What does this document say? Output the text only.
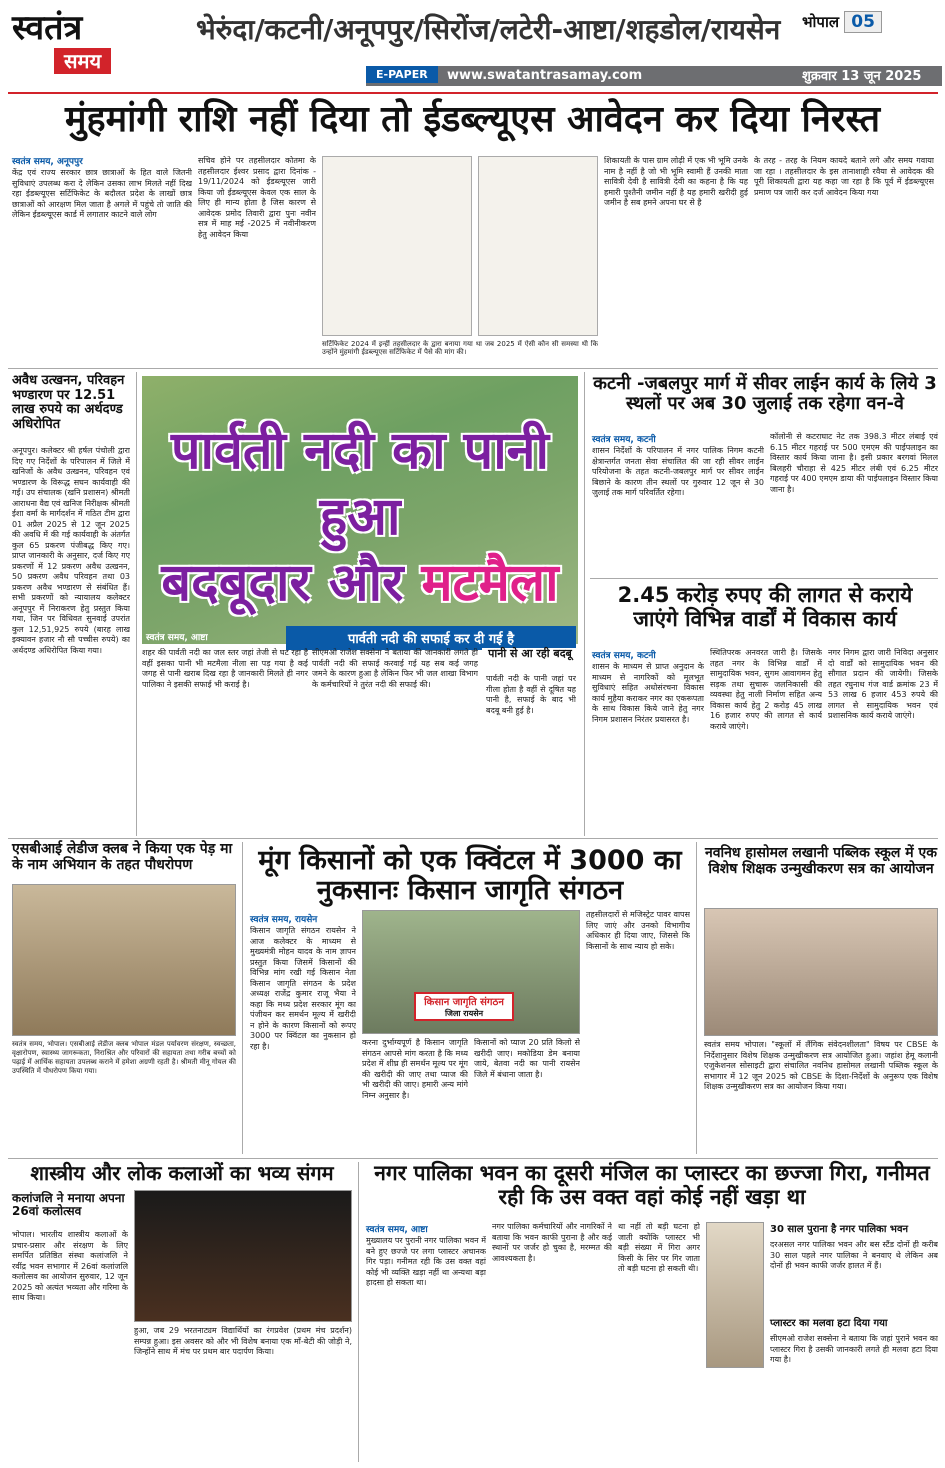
स्वतंत्र
समय
भेरुंदा/कटनी/अनूपपुर/सिरोंज/लटेरी-आष्टा/शहडोल/रायसेन भोपाल 05
E-PAPER	www.swatantrasamay.com	शुक्रवार 13 जून 2025
मुंहमांगी राशि नहीं दिया तो ईडब्ल्यूएस आवेदन कर दिया निरस्त
स्वतंत्र समय, अनूपपुर
केंद्र एवं राज्य सरकार छात्र छात्राओं के हित वाले जितनी सुविधाएं उपलब्ध करा दे लेकिन उसका लाभ मिलते नहीं दिख रहा ईडब्ल्यूएस सर्टिफिकेट के बदौलत प्रदेश के लाखों छात्र छात्राओं को आरक्षण मिल जाता है अगले में पहुंचे तो जाति की लेकिन ईडब्ल्यूएस कार्ड में लगातार काटने वाले लोग
सचिव होने पर तहसीलदार कोतमा के तहसीलदार ईश्वर प्रसाद द्वारा दिनांक - 19/11/2024 को ईडब्ल्यूएस जारी किया जो ईडब्ल्यूएस केवल एक साल के लिए ही मान्य होता है जिस कारण से आवेदक प्रमोद तिवारी द्वारा पुनः नवीन सत्र में माह मई -2025 में नवीनीकरण हेतु आवेदन किया
सर्टिफिकेट 2024 में इन्हीं तहसीलदार के द्वारा बनाया गया था जब 2025 में ऐसी कौन सी समस्या थी कि उन्होंने मुंहमांगी ईडब्ल्यूएस सर्टिफिकेट में पैसे की मांग की।
शिकायती के पास ग्राम लोढ़ी में एक भी भूमि उनके नाम है नहीं है जो भी भूमि स्वामी हैं उनकी माता सावित्री देवी है सावित्री देवी का कहना है कि यह हमारी पुश्तैनी जमीन नहीं है यह हमारी खरीदी हुई जमीन है सब हमने अपना घर से है
के तरह - तरह के नियम कायदे बताने लगे और समय गवाया जा रहा । तहसीलदार के इस तानाशाही रवैया से आवेदक की पूरी शिकायती द्वारा यह कहा जा रहा है कि पूर्व में ईडब्ल्यूएस प्रमाण पत्र जारी कर दर्ज आवेदन किया गया
अवैध उत्खनन, परिवहन भण्डारण पर 12.51 लाख रुपये का अर्थदण्ड अधिरोपित
अनूपपुर। कलेक्टर श्री हर्षल पंचोली द्वारा दिए गए निर्देशों के परिपालन में जिले में खनिजों के अवैध उत्खनन, परिवहन एवं भण्डारण के विरूद्ध सघन कार्यवाही की गई। उप संचालक (खनि प्रशासन) श्रीमती आराधना वैद्य एवं खनिज निरीक्षक श्रीमती ईशा वर्मा के मार्गदर्शन में गठित टीम द्वारा 01 अप्रैल 2025 से 12 जून 2025 की अवधि में की गई कार्यवाही के अंतर्गत कुल 65 प्रकरण पंजीबद्ध किए गए। प्राप्त जानकारी के अनुसार, दर्ज किए गए प्रकरणों में 12 प्रकरण अवैध उत्खनन, 50 प्रकरण अवैध परिवहन तथा 03 प्रकरण अवैध भण्डारण से संबंधित हैं। सभी प्रकरणों को न्यायालय कलेक्टर अनूपपुर में निराकरण हेतु प्रस्तुत किया गया, जिन पर विधिवत सुनवाई उपरांत कुल 12,51,925 रुपये (बारह लाख इक्यावन हजार नौ सौ पच्चीस रुपये) का अर्थदण्ड अधिरोपित किया गया।
पार्वती नदी का पानी हुआ
बदबूदार और मटमैला
पार्वती नदी की सफाई कर दी गई है
स्वतंत्र समय, आष्टा
शहर की पार्वती नदी का जल स्तर जहां तेजी से घट रहा है वहीं इसका पानी भी मटमैला नीला सा पड़ गया है कई जगह से पानी खराब दिख रहा है जानकारी मिलते ही नगर पालिका ने इसकी सफाई भी कराई है।
सीएमओ राजेश सक्सेना ने बताया की जानकारी लगते ही पार्वती नदी की सफाई करवाई गई यह सब कई जगह जमने के कारण हुआ है लेकिन फिर भी जल शाखा विभाग के कर्मचारियों ने तुरंत नदी की सफाई की।
पानी से आ रही बदबू
पार्वती नदी के पानी जहां पर गीला होता है वहीं से दूषित यह पानी है, सफाई के बाद भी बदबू बनी हुई है।
कटनी -जबलपुर मार्ग में सीवर लाईन कार्य के लिये 3 स्थलों पर अब 30 जुलाई तक रहेगा वन-वे
स्वतंत्र समय, कटनी
शासन निर्देशों के परिपालन में नगर पालिक निगम कटनी क्षेत्रान्तर्गत जनता सेवा संचालित की जा रही सीवर लाईन परियोजना के तहत कटनी-जबलपुर मार्ग पर सीवर लाईन बिछाने के कारण तीन स्थलों पर गुरुवार 12 जून से 30 जुलाई तक मार्ग परिवर्तित रहेगा।
कॉलोनी से कटराघाट नेट तक 398.3 मीटर लंबाई एवं 6.15 मीटर गहराई पर 500 एमएम की पाईपलाइन का विस्तार कार्य किया जाना है। इसी प्रकार बरगवां मिलल बिलहरी चौराहा से 425 मीटर लंबी एवं 6.25 मीटर गहराई पर 400 एमएम डाया की पाईपलाइन विस्तार किया जाना है।
2.45 करोड़ रुपए की लागत से कराये जाएंगे विभिन्न वार्डों में विकास कार्य
स्वतंत्र समय, कटनी
शासन के माध्यम से प्राप्त अनुदान के माध्यम से नागरिकों को मूलभूत सुविधाएं सहित अधोसंरचना विकास कार्य मुहैया कराकर नगर का एकरूपता के साथ विकास किये जाने हेतु नगर निगम प्रशासन निरंतर प्रयासरत है।
स्थितिपरक अनवरत जारी है। जिसके तहत नगर के विभिन्न वार्डों में सामुदायिक भवन, सुगम आवागमन हेतु सड़क तथा सुचारू जलनिकासी की व्यवस्था हेतु नाली निर्माण सहित अन्य विकास कार्य हेतु 2 करोड़ 45 लाख 16 हजार रुपए की लागत से कार्य कराये जाएंगे।
नगर निगम द्वारा जारी निविदा अनुसार दो वार्डों को सामुदायिक भवन की सौगात प्रदान की जायेगी। जिसके तहत रघुनाथ गंज वार्ड क्रमांक 23 में 53 लाख 6 हजार 453 रुपये की लागत से सामुदायिक भवन एवं प्रशासनिक कार्य कराये जाएंगे।
एसबीआई लेडीज क्लब ने किया एक पेड़ मा के नाम अभियान के तहत पौधरोपण
स्वतंत्र समय, भोपाल। एसबीआई लेडीज क्लब भोपाल मंडल पर्यावरण संरक्षण, स्वच्छता, वृक्षारोपण, स्वास्थ्य जागरूकता, निराश्रित और परिवारों की सहायता तथा गरीब बच्चों को पढ़ाई में आर्थिक सहायता उपलब्ध कराने में हमेशा अग्रणी रहती है। श्रीमती मीनू गोयल की उपस्थिति में पौधरोपण किया गया।
मूंग किसानों को एक क्विंटल में 3000 का नुकसानः किसान जागृति संगठन
स्वतंत्र समय, रायसेन
किसान जागृति संगठन रायसेन ने आज कलेक्टर के माध्यम से मुख्यमंत्री मोहन यादव के नाम ज्ञापन प्रस्तुत किया जिसमें किसानों की विभिन्न मांग रखी गई किसान नेता किसान जागृति संगठन के प्रदेश अध्यक्ष राजेंद्र कुमार राजू भैया ने कहा कि मध्य प्रदेश सरकार मूंग का पंजीयन कर समर्थन मूल्य में खरीदी न होने के कारण किसानों को रूपए 3000 पर क्विंटल का नुकसान हो रहा है।
किसान जागृति संगठन
जिला रायसेन
करना दुर्भाग्यपूर्ण है किसान जागृति संगठन आपसे मांग करता है कि मध्य प्रदेश में शीघ्र ही समर्थन मूल्य पर मूंग की खरीदी की जाए तथा प्याज की भी खरीदी की जाए। हमारी अन्य मांगे निम्न अनुसार है।
किसानों को प्याज 20 प्रति किलो से खरीदी जाए। मकोडिया डेम बनाया जाये, बेतवा नदी का पानी रायसेन जिले में बंधाना जाता है।
तहसीलदारों से मजिस्ट्रेट पावर वापस लिए जाएं और उनको विभागीय अधिकार ही दिया जाए, जिससे कि किसानों के साथ न्याय हो सके।
नवनिध हासोमल लखानी पब्लिक स्कूल में एक विशेष शिक्षक उन्मुखीकरण सत्र का आयोजन
स्वतंत्र समय भोपाल। "स्कूलों में लैंगिक संवेदनशीलता" विषय पर CBSE के निर्देशानुसार विशेष शिक्षक उन्मुखीकरण सत्र आयोजित हुआ। जहांश हेमू कलानी एजुकेशनल सोसाइटी द्वारा संचालित नवनिध हासोमल लखानी पब्लिक स्कूल के सभागार में 12 जून 2025 को CBSE के दिशा-निर्देशों के अनुरूप एक विशेष शिक्षक उन्मुखीकरण सत्र का आयोजन किया गया।
शास्त्रीय और लोक कलाओं का भव्य संगम
कलांजलि ने मनाया अपना 26वां कलोत्सव
भोपाल। भारतीय शास्त्रीय कलाओं के प्रचार-प्रसार और संरक्षण के लिए समर्पित प्रतिष्ठित संस्था कलांजलि ने रवींद्र भवन सभागार में 26वां कलांजलि कलोत्सव का आयोजन सुरुवार, 12 जून 2025 को अत्यंत भव्यता और गरिमा के साथ किया।
हुआ, जब 29 भरतनाट्यम विद्यार्थियों का रंगप्रवेश (प्रथम मंच प्रदर्शन) सम्पन्न हुआ। इस अवसर को और भी विशेष बनाया एक माँ-बेटी की जोड़ी ने, जिन्होंने साथ में मंच पर प्रथम बार पदार्पण किया।
नगर पालिका भवन का दूसरी मंजिल का प्लास्टर का छज्जा गिरा, गनीमत रही कि उस वक्त वहां कोई नहीं खड़ा था
स्वतंत्र समय, आष्टा
मुख्यालय पर पुरानी नगर पालिका भवन में बने हुए छज्जे पर लगा प्लास्टर अचानक गिर पड़ा। गनीमत रही कि उस वक्त वहां कोई भी व्यक्ति खड़ा नहीं था अन्यथा बड़ा हादसा हो सकता था।
नगर पालिका कर्मचारियों और नागरिकों ने बताया कि भवन काफी पुराना है और कई स्थानों पर जर्जर हो चुका है, मरम्मत की आवश्यकता है।
था नहीं तो बड़ी घटना हो जाती क्योंकि प्लास्टर भी बड़ी संख्या में गिरा अगर किसी के सिर पर गिर जाता तो बड़ी घटना हो सकती थी।
30 साल पुराना है नगर पालिका भवन
दरअसल नगर पालिका भवन और बस स्टैंड दोनों ही करीब 30 साल पहले नगर पालिका ने बनवाए थे लेकिन अब दोनों ही भवन काफी जर्जर हालत में हैं।
प्लास्टर का मलवा हटा दिया गया
सीएमओ राजेश सक्सेना ने बताया कि जहां पुराने भवन का प्लास्टर गिरा है उसकी जानकारी लगते ही मलवा हटा दिया गया है।
